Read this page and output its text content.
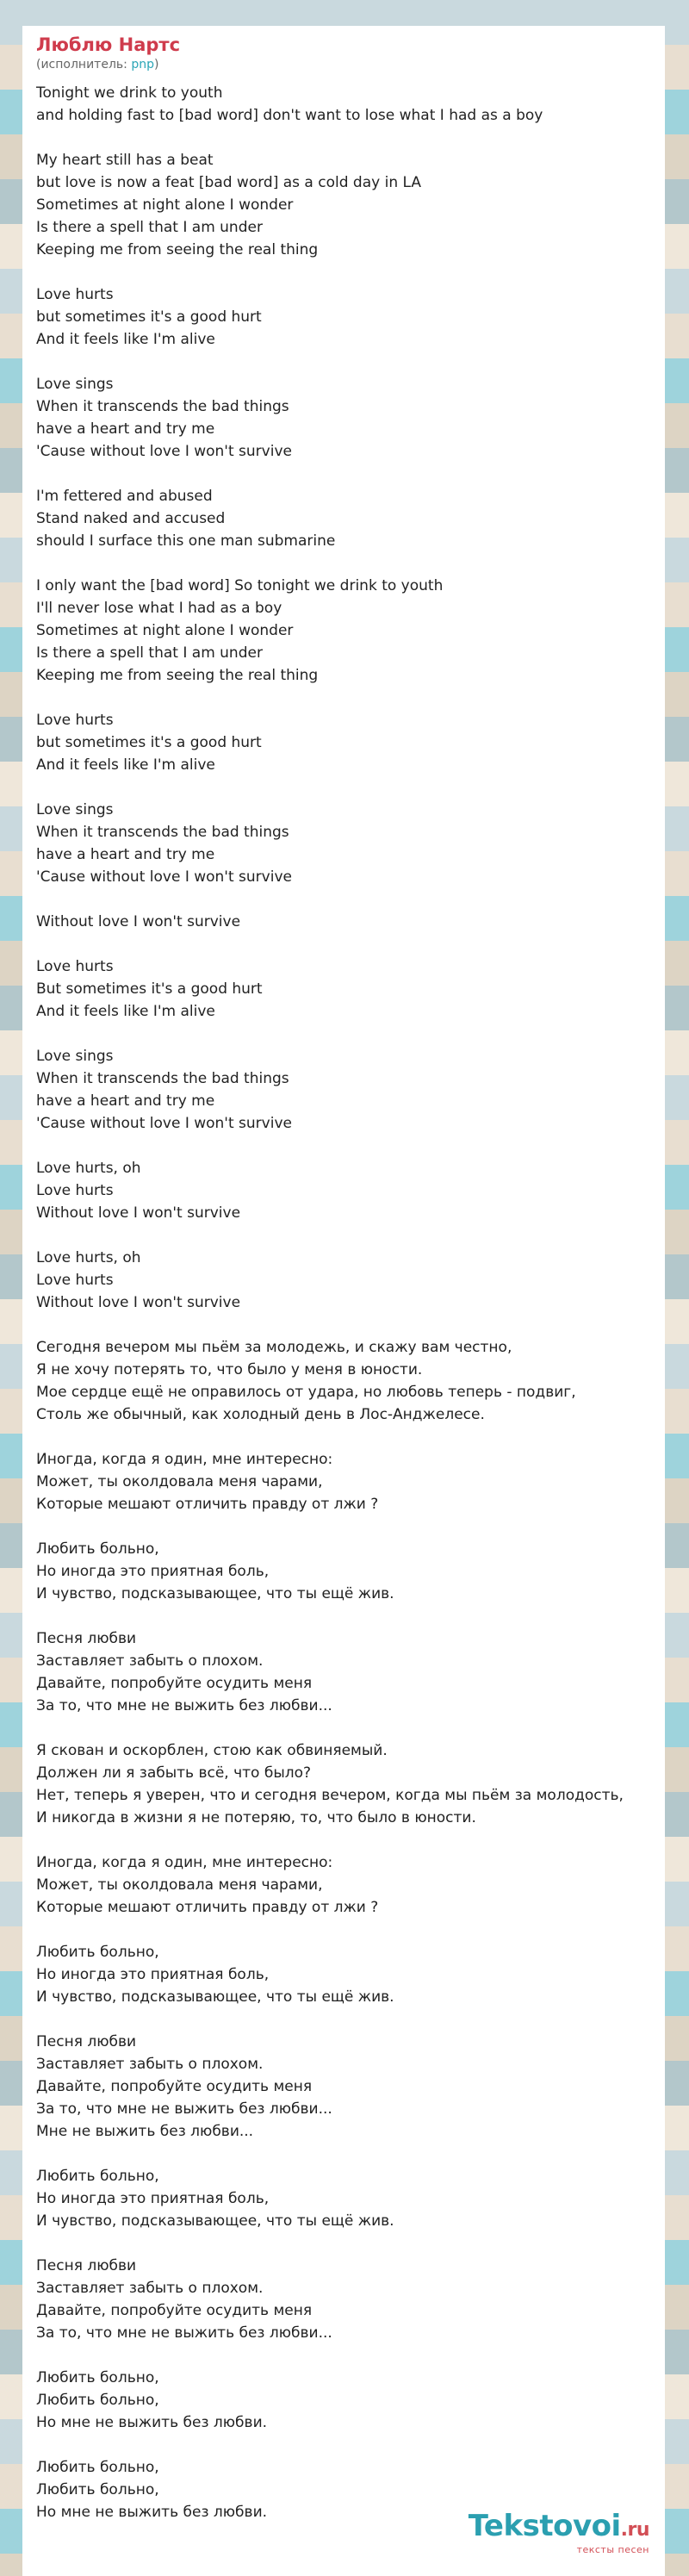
Люблю Нартс
(исполнитель: pnp)
Tonight we drink to youth
and holding fast to [bad word] don't want to lose what I had as a boy
My heart still has a beat
but love is now a feat [bad word] as a cold day in LA
Sometimes at night alone I wonder
Is there a spell that I am under
Keeping me from seeing the real thing
Love hurts
but sometimes it's a good hurt
And it feels like I'm alive
Love sings
When it transcends the bad things
have a heart and try me
'Cause without love I won't survive
I'm fettered and abused
Stand naked and accused
should I surface this one man submarine
I only want the [bad word] So tonight we drink to youth
I'll never lose what I had as a boy
Sometimes at night alone I wonder
Is there a spell that I am under
Keeping me from seeing the real thing
Love hurts
but sometimes it's a good hurt
And it feels like I'm alive
Love sings
When it transcends the bad things
have a heart and try me
'Cause without love I won't survive
Without love I won't survive
Love hurts
But sometimes it's a good hurt
And it feels like I'm alive
Love sings
When it transcends the bad things
have a heart and try me
'Cause without love I won't survive
Love hurts, oh
Love hurts
Without love I won't survive
Love hurts, oh
Love hurts
Without love I won't survive
Сегодня вечером мы пьём за молодежь, и скажу вам честно,
Я не хочу потерять то, что было у меня в юности.
Мое сердце ещё не оправилось от удара, но любовь теперь - подвиг,
Столь же обычный, как холодный день в Лос-Анджелесе.
Иногда, когда я один, мне интересно:
Может, ты околдовала меня чарами,
Которые мешают отличить правду от лжи ?
Любить больно,
Но иногда это приятная боль,
И чувство, подсказывающее, что ты ещё жив.
Песня любви
Заставляет забыть о плохом.
Давайте, попробуйте осудить меня
За то, что мне не выжить без любви...
Я скован и оскорблен, стою как обвиняемый.
Должен ли я забыть всё, что было?
Нет, теперь я уверен, что и сегодня вечером, когда мы пьём за молодость,
И никогда в жизни я не потеряю, то, что было в юности.
Иногда, когда я один, мне интересно:
Может, ты околдовала меня чарами,
Которые мешают отличить правду от лжи ?
Любить больно,
Но иногда это приятная боль,
И чувство, подсказывающее, что ты ещё жив.
Песня любви
Заставляет забыть о плохом.
Давайте, попробуйте осудить меня
За то, что мне не выжить без любви...
Мне не выжить без любви...
Любить больно,
Но иногда это приятная боль,
И чувство, подсказывающее, что ты ещё жив.
Песня любви
Заставляет забыть о плохом.
Давайте, попробуйте осудить меня
За то, что мне не выжить без любви...
Любить больно,
Любить больно,
Но мне не выжить без любви.
Любить больно,
Любить больно,
Но мне не выжить без любви.	Tekstovoi.ru
тексты песен
